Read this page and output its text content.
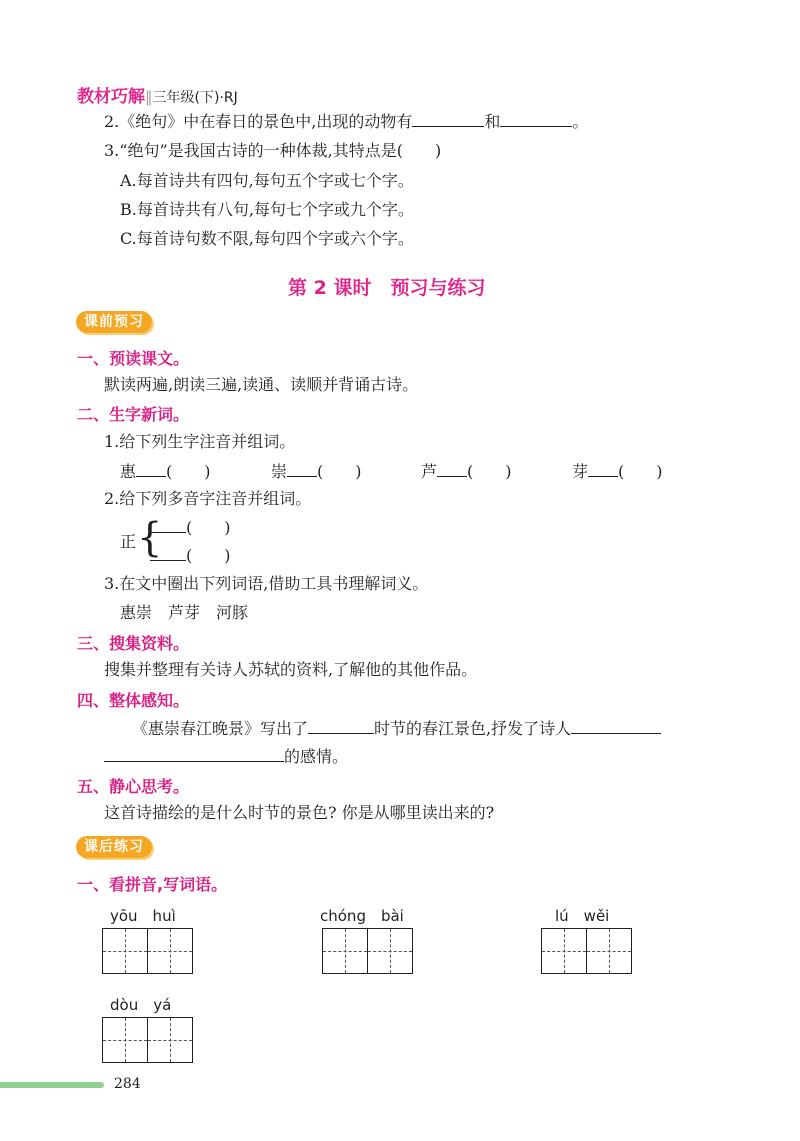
教材巧解‖三年级(下)·RJ
2.《绝句》中在春日的景色中,出现的动物有	和	。
3.“绝句”是我国古诗的一种体裁,其特点是(　　)
A.每首诗共有四句,每句五个字或七个字。
B.每首诗共有八句,每句七个字或九个字。
C.每首诗句数不限,每句四个字或六个字。
第 2 课时　预习与练习
课前预习
一、预读课文。
默读两遍,朗读三遍,读通、读顺并背诵古诗。
二、生字新词。
1.给下列生字注音并组词。
惠 (　　)	崇 (　　)	芦 (　　)	芽 (　　)
2.给下列多音字注音并组词。
正 {	(　　)
(　　)
3.在文中圈出下列词语,借助工具书理解词义。
惠崇　芦芽　河豚
三、搜集资料。
搜集并整理有关诗人苏轼的资料,了解他的其他作品。
四、整体感知。
《惠崇春江晚景》写出了	时节的春江景色,抒发了诗人
的感情。
五、静心思考。
这首诗描绘的是什么时节的景色? 你是从哪里读出来的?
课后练习
一、看拼音,写词语。
yōu　huì	chóng　bài	lú　wěi
dòu　yá
284
